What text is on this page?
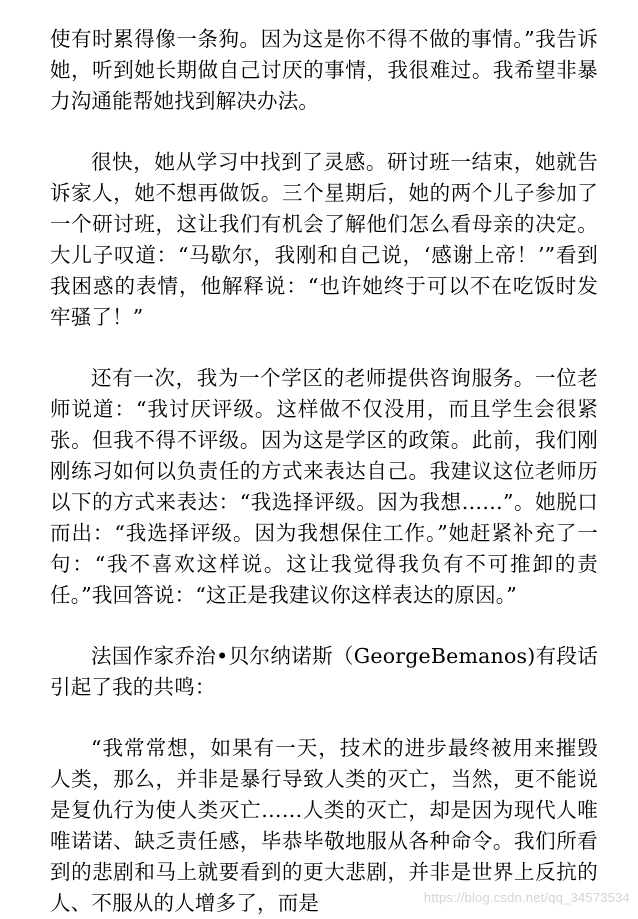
使有时累得像一条狗。因为这是你不得不做的事情。”我告诉她，听到她长期做自己讨厌的事情，我很难过。我希望非暴力沟通能帮她找到解决办法。

很快，她从学习中找到了灵感。研讨班一结束，她就告诉家人，她不想再做饭。三个星期后，她的两个儿子参加了一个研讨班，这让我们有机会了解他们怎么看母亲的决定。大儿子叹道：“马歇尔，我刚和自己说，‘感谢上帝！’”看到我困惑的表情，他解释说：“也许她终于可以不在吃饭时发牢骚了！”

还有一次，我为一个学区的老师提供咨询服务。一位老师说道：“我讨厌评级。这样做不仅没用，而且学生会很紧张。但我不得不评级。因为这是学区的政策。此前，我们刚刚练习如何以负责任的方式来表达自己。我建议这位老师历以下的方式来表达：“我选择评级。因为我想……”。她脱口而出：“我选择评级。因为我想保住工作。”她赶紧补充了一句：“我不喜欢这样说。这让我觉得我负有不可推卸的责任。”我回答说：“这正是我建议你这样表达的原因。”

法国作家乔治•贝尔纳诺斯（GeorgeBemanos)有段话引起了我的共鸣：

“我常常想，如果有一天，技术的进步最终被用来摧毁人类，那么，并非是暴行导致人类的灭亡，当然，更不能说是复仇行为使人类灭亡……人类的灭亡，却是因为现代人唯唯诺诺、缺乏责任感，毕恭毕敬地服从各种命令。我们所看到的悲剧和马上就要看到的更大悲剧，并非是世界上反抗的人、不服从的人增多了，而是	https://blog.csdn.net/qq_34573534
